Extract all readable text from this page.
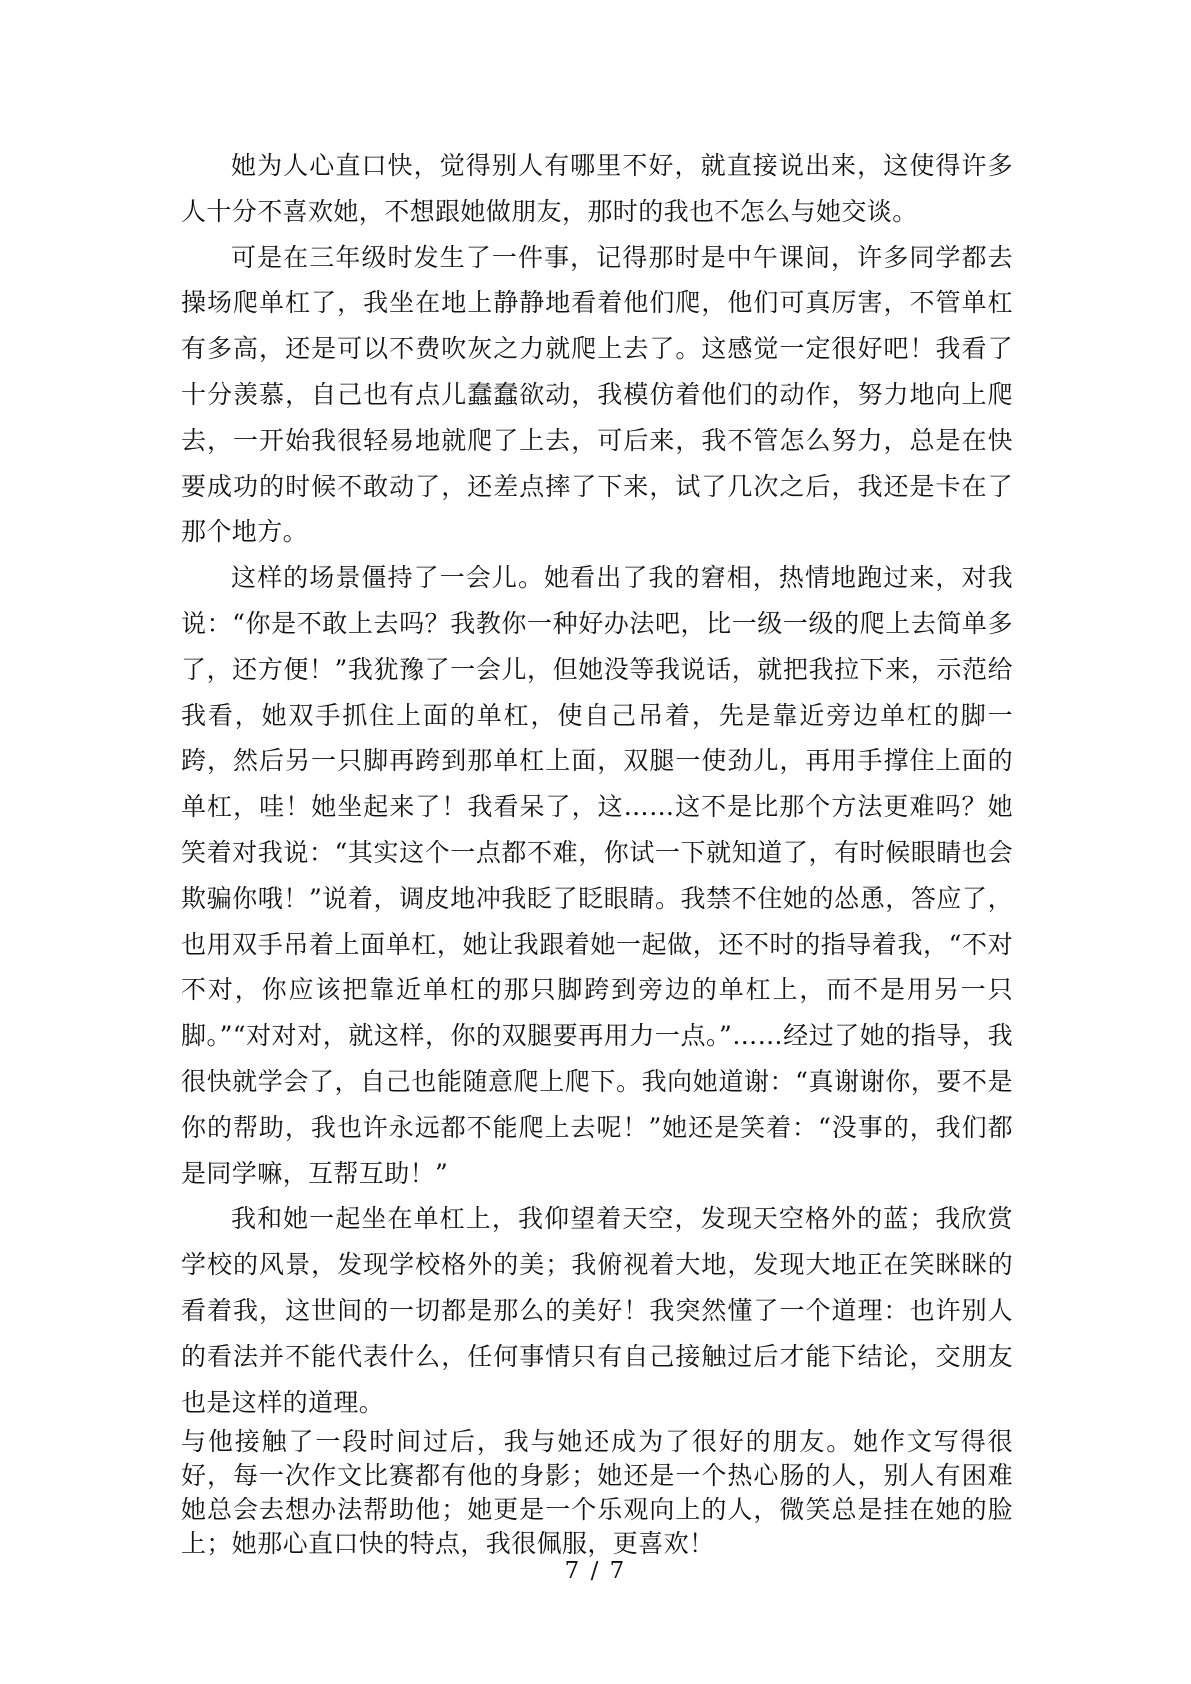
她为人心直口快，觉得别人有哪里不好，就直接说出来，这使得许多人十分不喜欢她，不想跟她做朋友，那时的我也不怎么与她交谈。

可是在三年级时发生了一件事，记得那时是中午课间，许多同学都去操场爬单杠了，我坐在地上静静地看着他们爬，他们可真厉害，不管单杠有多高，还是可以不费吹灰之力就爬上去了。这感觉一定很好吧！我看了十分羡慕，自己也有点儿蠢蠢欲动，我模仿着他们的动作，努力地向上爬去，一开始我很轻易地就爬了上去，可后来，我不管怎么努力，总是在快要成功的时候不敢动了，还差点摔了下来，试了几次之后，我还是卡在了那个地方。

这样的场景僵持了一会儿。她看出了我的窘相，热情地跑过来，对我说：“你是不敢上去吗？我教你一种好办法吧，比一级一级的爬上去简单多了，还方便！”我犹豫了一会儿，但她没等我说话，就把我拉下来，示范给我看，她双手抓住上面的单杠，使自己吊着，先是靠近旁边单杠的脚一跨，然后另一只脚再跨到那单杠上面，双腿一使劲儿，再用手撑住上面的单杠，哇！她坐起来了！我看呆了，这……这不是比那个方法更难吗？她笑着对我说：“其实这个一点都不难，你试一下就知道了，有时候眼睛也会欺骗你哦！”说着，调皮地冲我眨了眨眼睛。我禁不住她的怂恿，答应了，也用双手吊着上面单杠，她让我跟着她一起做，还不时的指导着我，“不对不对，你应该把靠近单杠的那只脚跨到旁边的单杠上，而不是用另一只脚。”“对对对，就这样，你的双腿要再用力一点。”……经过了她的指导，我很快就学会了，自己也能随意爬上爬下。我向她道谢：“真谢谢你，要不是你的帮助，我也许永远都不能爬上去呢！”她还是笑着：“没事的，我们都是同学嘛，互帮互助！”

我和她一起坐在单杠上，我仰望着天空，发现天空格外的蓝；我欣赏学校的风景，发现学校格外的美；我俯视着大地，发现大地正在笑眯眯的看着我，这世间的一切都是那么的美好！我突然懂了一个道理：也许别人的看法并不能代表什么，任何事情只有自己接触过后才能下结论，交朋友也是这样的道理。

与他接触了一段时间过后，我与她还成为了很好的朋友。她作文写得很好，每一次作文比赛都有他的身影；她还是一个热心肠的人，别人有困难她总会去想办法帮助他；她更是一个乐观向上的人，微笑总是挂在她的脸上；她那心直口快的特点，我很佩服，更喜欢！

7 / 7
